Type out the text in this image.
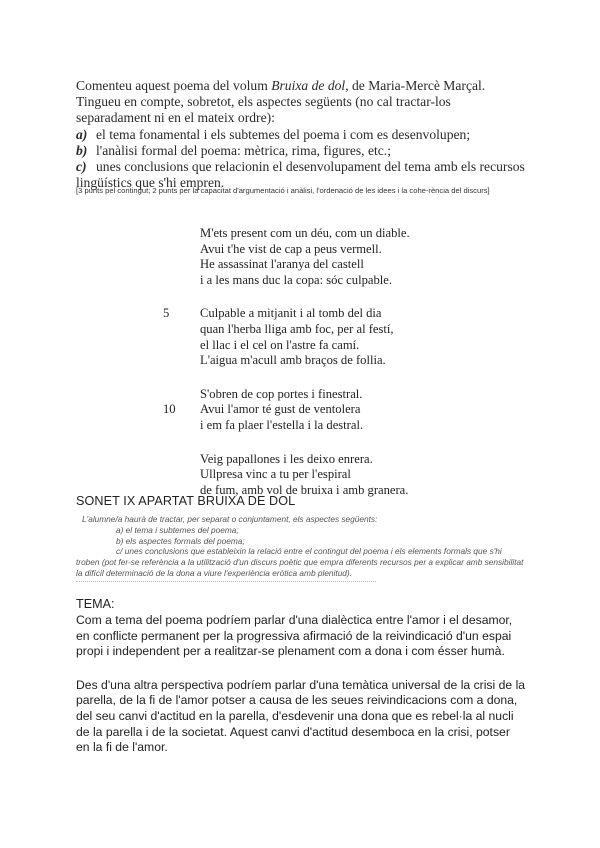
Comenteu aquest poema del volum Bruixa de dol, de Maria-Mercè Marçal. Tingueu en compte, sobretot, els aspectes següents (no cal tractar-los separadament ni en el mateix ordre):

a) el tema fonamental i els subtemes del poema i com es desenvolupen;
b) l'anàlisi formal del poema: mètrica, rima, figures, etc.;
c) unes conclusions que relacionin el desenvolupament del tema amb els recursos
lingüístics que s'hi empren.
[3 punts pel contingut; 2 punts per la capacitat d'argumentació i anàlisi, l'ordenació de les idees i la cohe-rència del discurs]
M'ets present com un déu, com un diable.
Avui t'he vist de cap a peus vermell.
He assassinat l'aranya del castell
i a les mans duc la copa: sóc culpable.
5 Culpable a mitjanit i al tomb del dia
quan l'herba lliga amb foc, per al festí,
el llac i el cel on l'astre fa camí.
L'aigua m'acull amb braços de follia.
S'obren de cop portes i finestral.
10 Avui l'amor té gust de ventolera
i em fa plaer l'estella i la destral.
Veig papallones i les deixo enrera.
Ullpresa vinc a tu per l'espiral
de fum, amb vol de bruixa i amb granera.
SONET IX APARTAT BRUIXA DE DOL

L'alumne/a haurà de tractar, per separat o conjuntament, els aspectes següents:

a) el tema i subtemes del poema;

b) els aspectes formals del poema;

c/ unes conclusions que estableixin la relació entre el contingut del poema i els elements formals que s'hi troben (pot fer-se referència a la utilització d'un discurs poètic que empra diferents recursos per a explicar amb sensibilitat la difícil determinació de la dona a viure l'experiència eròtica amb plenitud).

TEMA:

Com a tema del poema podríem parlar d'una dialèctica entre l'amor i el desamor, en conflicte permanent per la progressiva afirmació de la reivindicació d'un espai propi i independent per a realitzar-se plenament com a dona i com ésser humà.

Des d'una altra perspectiva podríem parlar d'una temàtica universal de la crisi de la parella, de la fi de l'amor potser a causa de les seues reivindicacions com a dona, del seu canvi d'actitud en la parella, d'esdevenir una dona que es rebel·la al nucli de la parella i de la societat. Aquest canvi d'actitud desemboca en la crisi, potser en la fi de l'amor.
